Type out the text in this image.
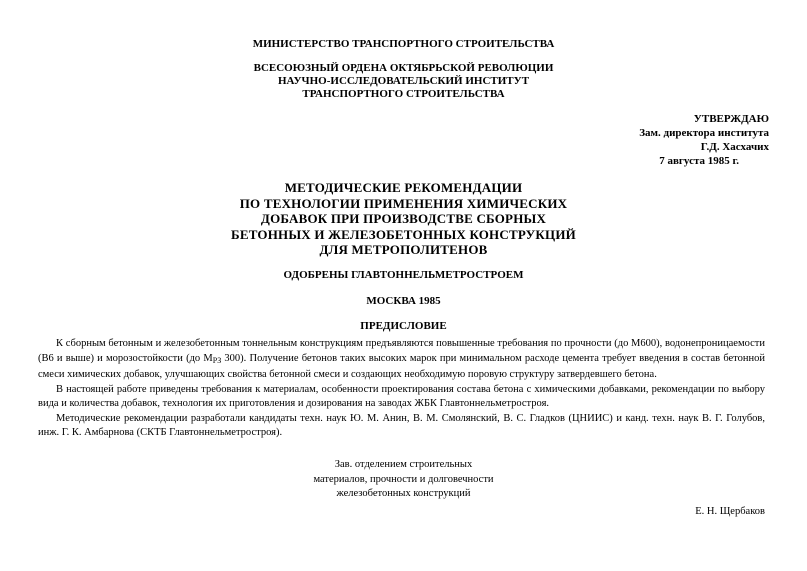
МИНИСТЕРСТВО ТРАНСПОРТНОГО СТРОИТЕЛЬСТВА
ВСЕСОЮЗНЫЙ ОРДЕНА ОКТЯБРЬСКОЙ РЕВОЛЮЦИИ
НАУЧНО-ИССЛЕДОВАТЕЛЬСКИЙ ИНСТИТУТ
ТРАНСПОРТНОГО СТРОИТЕЛЬСТВА
УТВЕРЖДАЮ
Зам. директора института
Г.Д. Хасхачих
7 августа 1985 г.
МЕТОДИЧЕСКИЕ РЕКОМЕНДАЦИИ
ПО ТЕХНОЛОГИИ ПРИМЕНЕНИЯ ХИМИЧЕСКИХ
ДОБАВОК ПРИ ПРОИЗВОДСТВЕ СБОРНЫХ
БЕТОННЫХ И ЖЕЛЕЗОБЕТОННЫХ КОНСТРУКЦИЙ
ДЛЯ МЕТРОПОЛИТЕНОВ
ОДОБРЕНЫ ГЛАВТОННЕЛЬМЕТРОСТРОЕМ
МОСКВА 1985
ПРЕДИСЛОВИЕ

К сборным бетонным и железобетонным тоннельным конструкциям предъявляются повышенные требования по прочности (до М600), водонепроницаемости (В6 и выше) и морозостойкости (до $М_{РЗ}$ 300). Получение бетонов таких высоких марок при минимальном расходе цемента требует введения в состав бетонной смеси химических добавок, улучшающих свойства бетонной смеси и создающих необходимую поровую структуру затвердевшего бетона.

В настоящей работе приведены требования к материалам, особенности проектирования состава бетона с химическими добавками, рекомендации по выбору вида и количества добавок, технология их приготовления и дозирования на заводах ЖБК Главтоннельметростроя.

Методические рекомендации разработали кандидаты техн. наук Ю. М. Анин, В. М. Смолянский, В. С. Гладков (ЦНИИС) и канд. техн. наук В. Г. Голубов, инж. Г. К. Амбарнова (СКТБ Главтоннельметростроя).

Зав. отделением строительных
материалов, прочности и долговечности
железобетонных конструкций
Е. Н. Щербаков
